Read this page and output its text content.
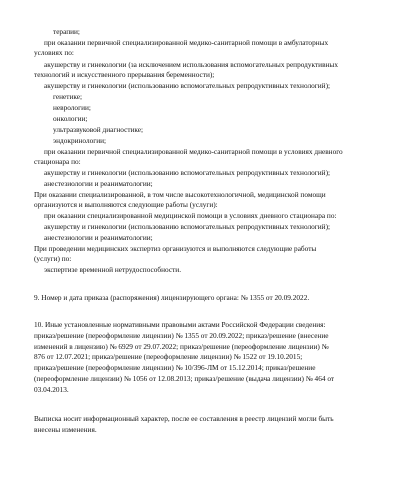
терапии;
при оказании первичной специализированной медико-санитарной помощи в амбулаторных
условиях по:
акушерству и гинекологии (за исключением использования вспомогательных репродуктивных
технологий и искусственного прерывания беременности);
акушерству и гинекологии (использованию вспомогательных репродуктивных технологий);
генетике;
неврологии;
онкологии;
ультразвуковой диагностике;
эндокринологии;
при оказании первичной специализированной медико-санитарной помощи в условиях дневного
стационара по:
акушерству и гинекологии (использованию вспомогательных репродуктивных технологий);
анестезиологии и реаниматологии;
При оказании специализированной, в том числе высокотехнологичной, медицинской помощи
организуются и выполняются следующие работы (услуги):
при оказании специализированной медицинской помощи в условиях дневного стационара по:
акушерству и гинекологии (использованию вспомогательных репродуктивных технологий);
анестезиологии и реаниматологии;
При проведении медицинских экспертиз организуются и выполняются следующие работы
(услуги) по:
экспертизе временной нетрудоспособности.
9. Номер и дата приказа (распоряжения) лицензирующего органа: № 1355 от 20.09.2022.
10. Иные установленные нормативными правовыми актами Российской Федерации сведения:
приказ/решение (переоформление лицензии) № 1355 от 20.09.2022; приказ/решение (внесение
изменений в лицензию) № 6929 от 29.07.2022; приказ/решение (переоформление лицензии) №
876 от 12.07.2021; приказ/решение (переоформление лицензии) № 1522 от 19.10.2015;
приказ/решение (переоформление лицензии) № 10/396-ЛМ от 15.12.2014; приказ/решение
(переоформление лицензии) № 1056 от 12.08.2013; приказ/решение (выдача лицензии) № 464 от
03.04.2013.
Выписка носит информационный характер, после ее составления в реестр лицензий могли быть
внесены изменения.
